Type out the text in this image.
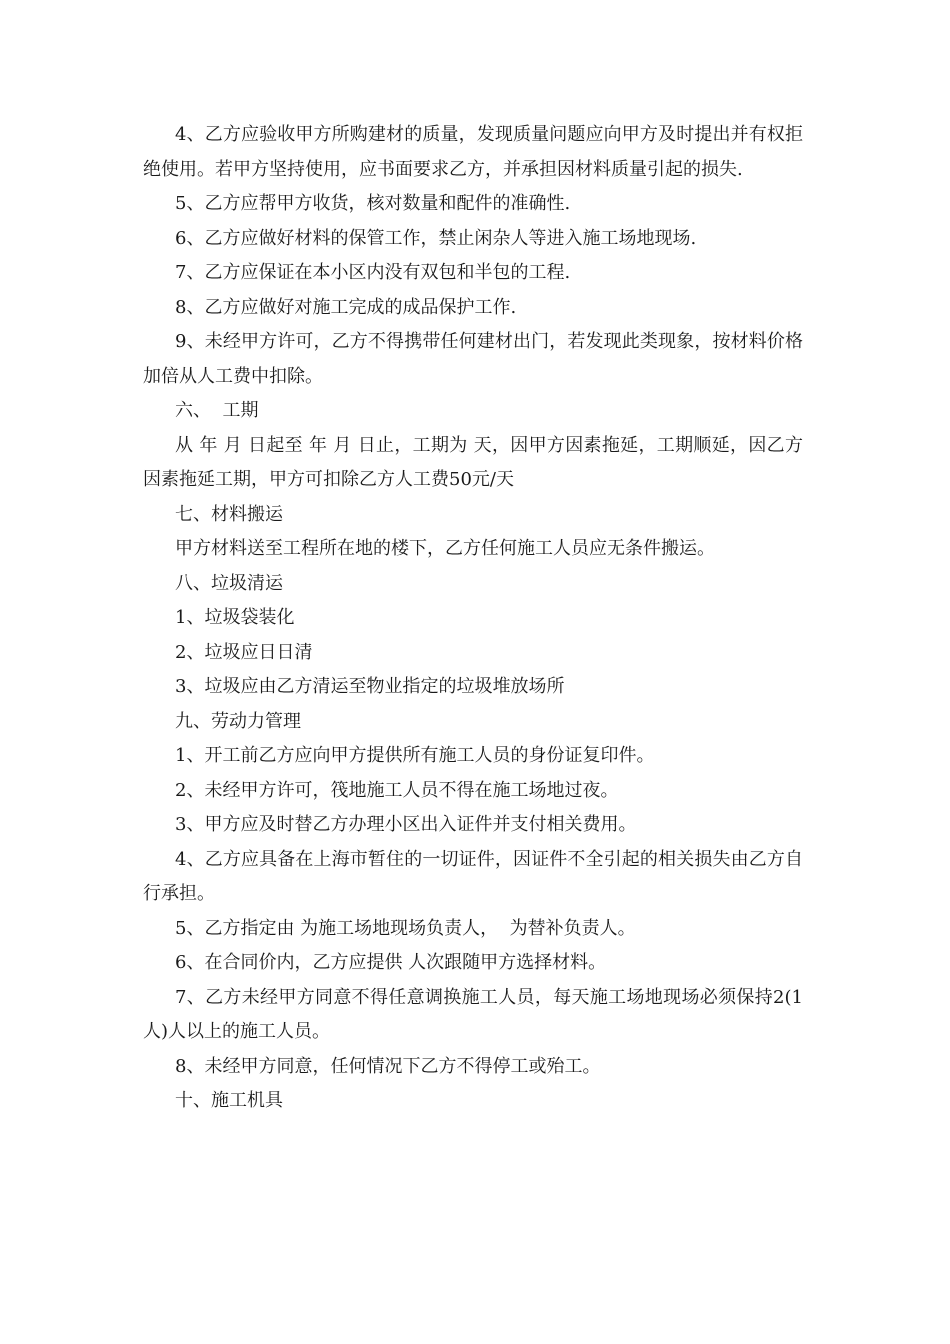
4、乙方应验收甲方所购建材的质量，发现质量问题应向甲方及时提出并有权拒绝使用。若甲方坚持使用，应书面要求乙方，并承担因材料质量引起的损失.

5、乙方应帮甲方收货，核对数量和配件的准确性.

6、乙方应做好材料的保管工作，禁止闲杂人等进入施工场地现场.

7、乙方应保证在本小区内没有双包和半包的工程.

8、乙方应做好对施工完成的成品保护工作.

9、未经甲方许可，乙方不得携带任何建材出门，若发现此类现象，按材料价格加倍从人工费中扣除。

六、  工期

从 年 月 日起至 年 月 日止，工期为 天，因甲方因素拖延，工期顺延，因乙方因素拖延工期，甲方可扣除乙方人工费50元/天

七、材料搬运

甲方材料送至工程所在地的楼下，乙方任何施工人员应无条件搬运。

八、垃圾清运

1、垃圾袋装化

2、垃圾应日日清

3、垃圾应由乙方清运至物业指定的垃圾堆放场所

九、劳动力管理

1、开工前乙方应向甲方提供所有施工人员的身份证复印件。

2、未经甲方许可，筏地施工人员不得在施工场地过夜。

3、甲方应及时替乙方办理小区出入证件并支付相关费用。

4、乙方应具备在上海市暂住的一切证件，因证件不全引起的相关损失由乙方自行承担。

5、乙方指定由 为施工场地现场负责人，  为替补负责人。

6、在合同价内，乙方应提供 人次跟随甲方选择材料。

7、乙方未经甲方同意不得任意调换施工人员，每天施工场地现场必须保持2(1人)人以上的施工人员。

8、未经甲方同意，任何情况下乙方不得停工或殆工。

十、施工机具
